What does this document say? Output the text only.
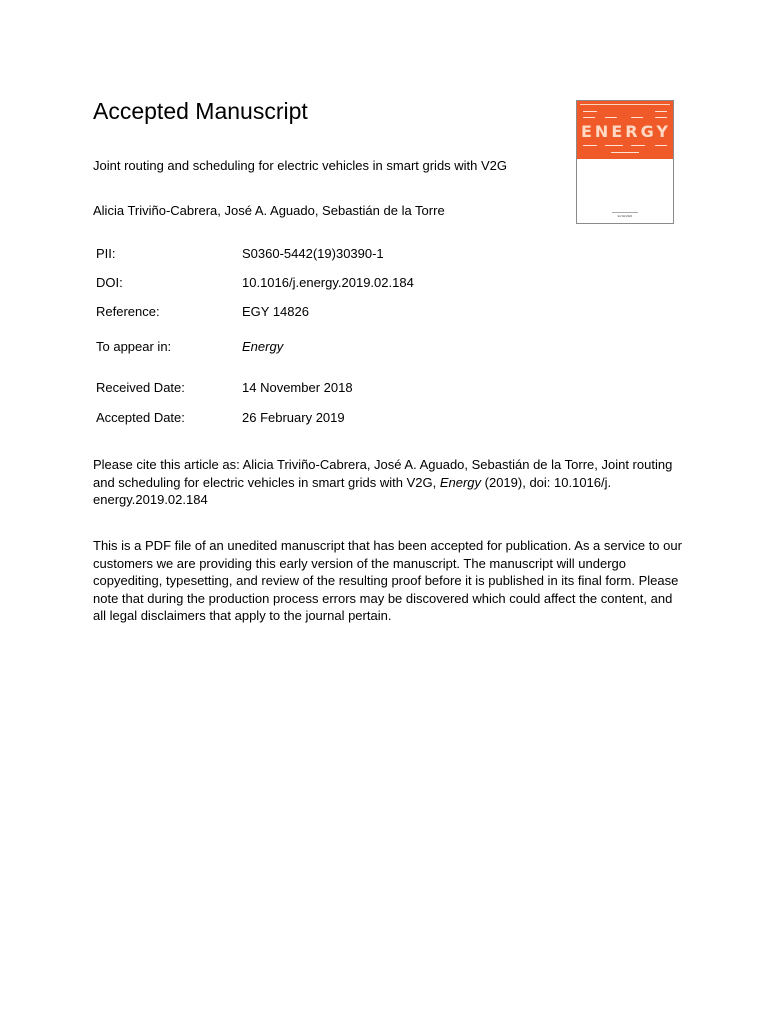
Accepted Manuscript

Joint routing and scheduling for electric vehicles in smart grids with V2G

Alicia Triviño-Cabrera, José A. Aguado, Sebastián de la Torre

PII:	S0360-5442(19)30390-1
DOI:	10.1016/j.energy.2019.02.184
Reference:	EGY 14826
To appear in:	Energy
Received Date:	14 November 2018
Accepted Date:	26 February 2019

Please cite this article as: Alicia Triviño-Cabrera, José A. Aguado, Sebastián de la Torre, Joint routing and scheduling for electric vehicles in smart grids with V2G, Energy (2019), doi: 10.1016/j. energy.2019.02.184

This is a PDF file of an unedited manuscript that has been accepted for publication. As a service to our customers we are providing this early version of the manuscript. The manuscript will undergo copyediting, typesetting, and review of the resulting proof before it is published in its final form. Please note that during the production process errors may be discovered which could affect the content, and all legal disclaimers that apply to the journal pertain.

ENERGY
ELSEVIER
